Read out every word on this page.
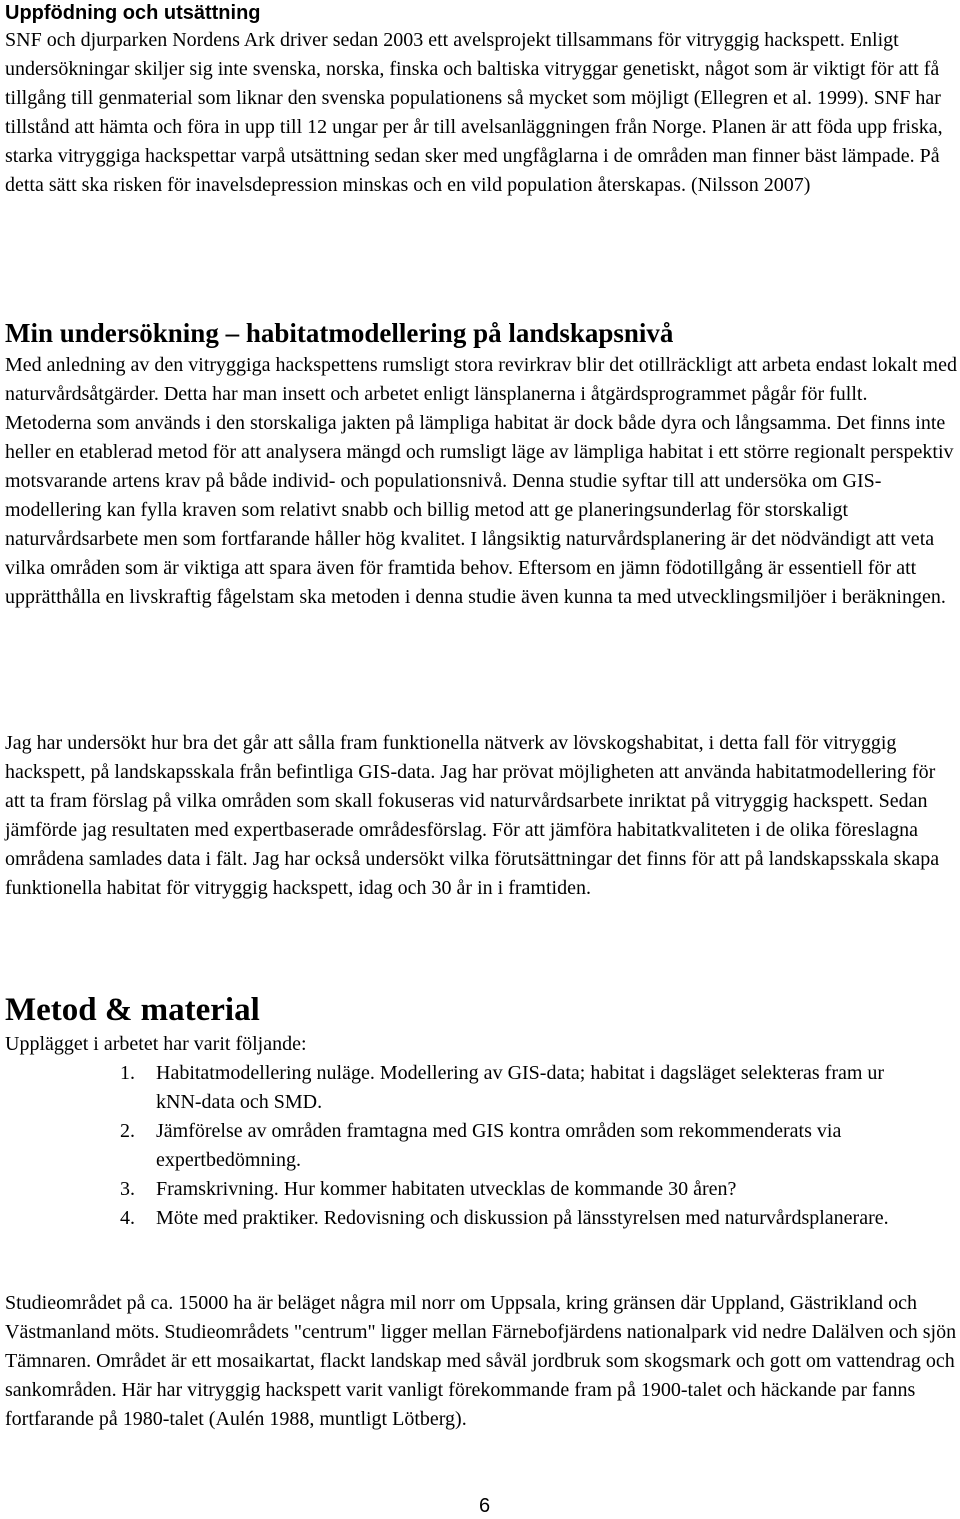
Uppfödning och utsättning
SNF och djurparken Nordens Ark driver sedan 2003 ett avelsprojekt tillsammans för vitryggig hackspett. Enligt undersökningar skiljer sig inte svenska, norska, finska och baltiska vitryggar genetiskt, något som är viktigt för att få tillgång till genmaterial som liknar den svenska populationens så mycket som möjligt (Ellegren et al. 1999). SNF har tillstånd att hämta och föra in upp till 12 ungar per år till avelsanläggningen från Norge. Planen är att föda upp friska, starka vitryggiga hackspettar varpå utsättning sedan sker med ungfåglarna i de områden man finner bäst lämpade. På detta sätt ska risken för inavelsdepression minskas och en vild population återskapas. (Nilsson 2007)
Min undersökning – habitatmodellering på landskapsnivå
Med anledning av den vitryggiga hackspettens rumsligt stora revirkrav blir det otillräckligt att arbeta endast lokalt med naturvårdsåtgärder. Detta har man insett och arbetet enligt länsplanerna i åtgärdsprogrammet pågår för fullt. Metoderna som används i den storskaliga jakten på lämpliga habitat är dock både dyra och långsamma. Det finns inte heller en etablerad metod för att analysera mängd och rumsligt läge av lämpliga habitat i ett större regionalt perspektiv motsvarande artens krav på både individ- och populationsnivå. Denna studie syftar till att undersöka om GIS-modellering kan fylla kraven som relativt snabb och billig metod att ge planeringsunderlag för storskaligt naturvårdsarbete men som fortfarande håller hög kvalitet. I långsiktig naturvårdsplanering är det nödvändigt att veta vilka områden som är viktiga att spara även för framtida behov. Eftersom en jämn födotillgång är essentiell för att upprätthålla en livskraftig fågelstam ska metoden i denna studie även kunna ta med utvecklingsmiljöer i beräkningen.
Jag har undersökt hur bra det går att sålla fram funktionella nätverk av lövskogshabitat, i detta fall för vitryggig hackspett, på landskapsskala från befintliga GIS-data. Jag har prövat möjligheten att använda habitatmodellering för att ta fram förslag på vilka områden som skall fokuseras vid naturvårdsarbete inriktat på vitryggig hackspett. Sedan jämförde jag resultaten med expertbaserade områdesförslag. För att jämföra habitatkvaliteten i de olika föreslagna områdena samlades data i fält. Jag har också undersökt vilka förutsättningar det finns för att på landskapsskala skapa funktionella habitat för vitryggig hackspett, idag och 30 år in i framtiden.
Metod & material
Upplägget i arbetet har varit följande:
1. Habitatmodellering nuläge. Modellering av GIS-data; habitat i dagsläget selekteras fram ur kNN-data och SMD.
2. Jämförelse av områden framtagna med GIS kontra områden som rekommenderats via expertbedömning.
3. Framskrivning. Hur kommer habitaten utvecklas de kommande 30 åren?
4. Möte med praktiker. Redovisning och diskussion på länsstyrelsen med naturvårdsplanerare.
Studieområdet på ca. 15000 ha är beläget några mil norr om Uppsala, kring gränsen där Uppland, Gästrikland och Västmanland möts. Studieområdets "centrum" ligger mellan Färnebofjärdens nationalpark vid nedre Dalälven och sjön Tämnaren. Området är ett mosaikartat, flackt landskap med såväl jordbruk som skogsmark och gott om vattendrag och sankområden. Här har vitryggig hackspett varit vanligt förekommande fram på 1900-talet och häckande par fanns fortfarande på 1980-talet (Aulén 1988, muntligt Lötberg).
6
